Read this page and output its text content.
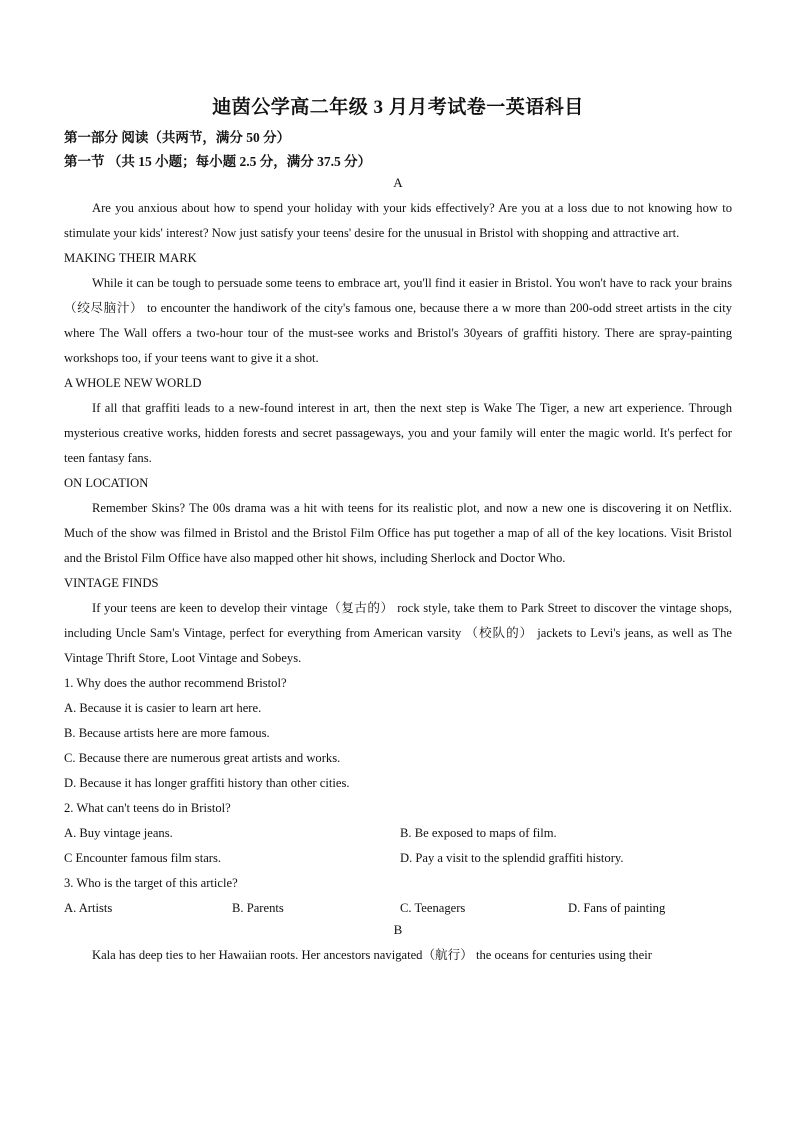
迪茵公学高二年级 3 月月考试卷一英语科目
第一部分 阅读（共两节，满分 50 分）
第一节 （共 15 小题；每小题 2.5 分，满分 37.5 分）
A

Are you anxious about how to spend your holiday with your kids effectively? Are you at a loss due to not knowing how to stimulate your kids' interest? Now just satisfy your teens' desire for the unusual in Bristol with shopping and attractive art.

MAKING THEIR MARK

While it can be tough to persuade some teens to embrace art, you'll find it easier in Bristol. You won't have to rack your brains（绞尽脑汁） to encounter the handiwork of the city's famous one, because there a w more than 200-odd street artists in the city where The Wall offers a two-hour tour of the must-see works and Bristol's 30years of graffiti history. There are spray-painting workshops too, if your teens want to give it a shot.

A WHOLE NEW WORLD

If all that graffiti leads to a new-found interest in art, then the next step is Wake The Tiger, a new art experience. Through mysterious creative works, hidden forests and secret passageways, you and your family will enter the magic world. It's perfect for teen fantasy fans.

ON LOCATION

Remember Skins? The 00s drama was a hit with teens for its realistic plot, and now a new one is discovering it on Netflix. Much of the show was filmed in Bristol and the Bristol Film Office has put together a map of all of the key locations. Visit Bristol and the Bristol Film Office have also mapped other hit shows, including Sherlock and Doctor Who.

VINTAGE FINDS

If your teens are keen to develop their vintage（复古的） rock style, take them to Park Street to discover the vintage shops, including Uncle Sam's Vintage, perfect for everything from American varsity （校队的） jackets to Levi's jeans, as well as The Vintage Thrift Store, Loot Vintage and Sobeys.

1. Why does the author recommend Bristol?
A. Because it is casier to learn art here.
B. Because artists here are more famous.
C. Because there are numerous great artists and works.
D. Because it has longer graffiti history than other cities.
2. What can't teens do in Bristol?
A. Buy vintage jeans.	B. Be exposed to maps of film.
C Encounter famous film stars.	D. Pay a visit to the splendid graffiti history.
3. Who is the target of this article?
A. Artists	B. Parents	C. Teenagers	D. Fans of painting
B

Kala has deep ties to her Hawaiian roots. Her ancestors navigated（航行） the oceans for centuries using their
